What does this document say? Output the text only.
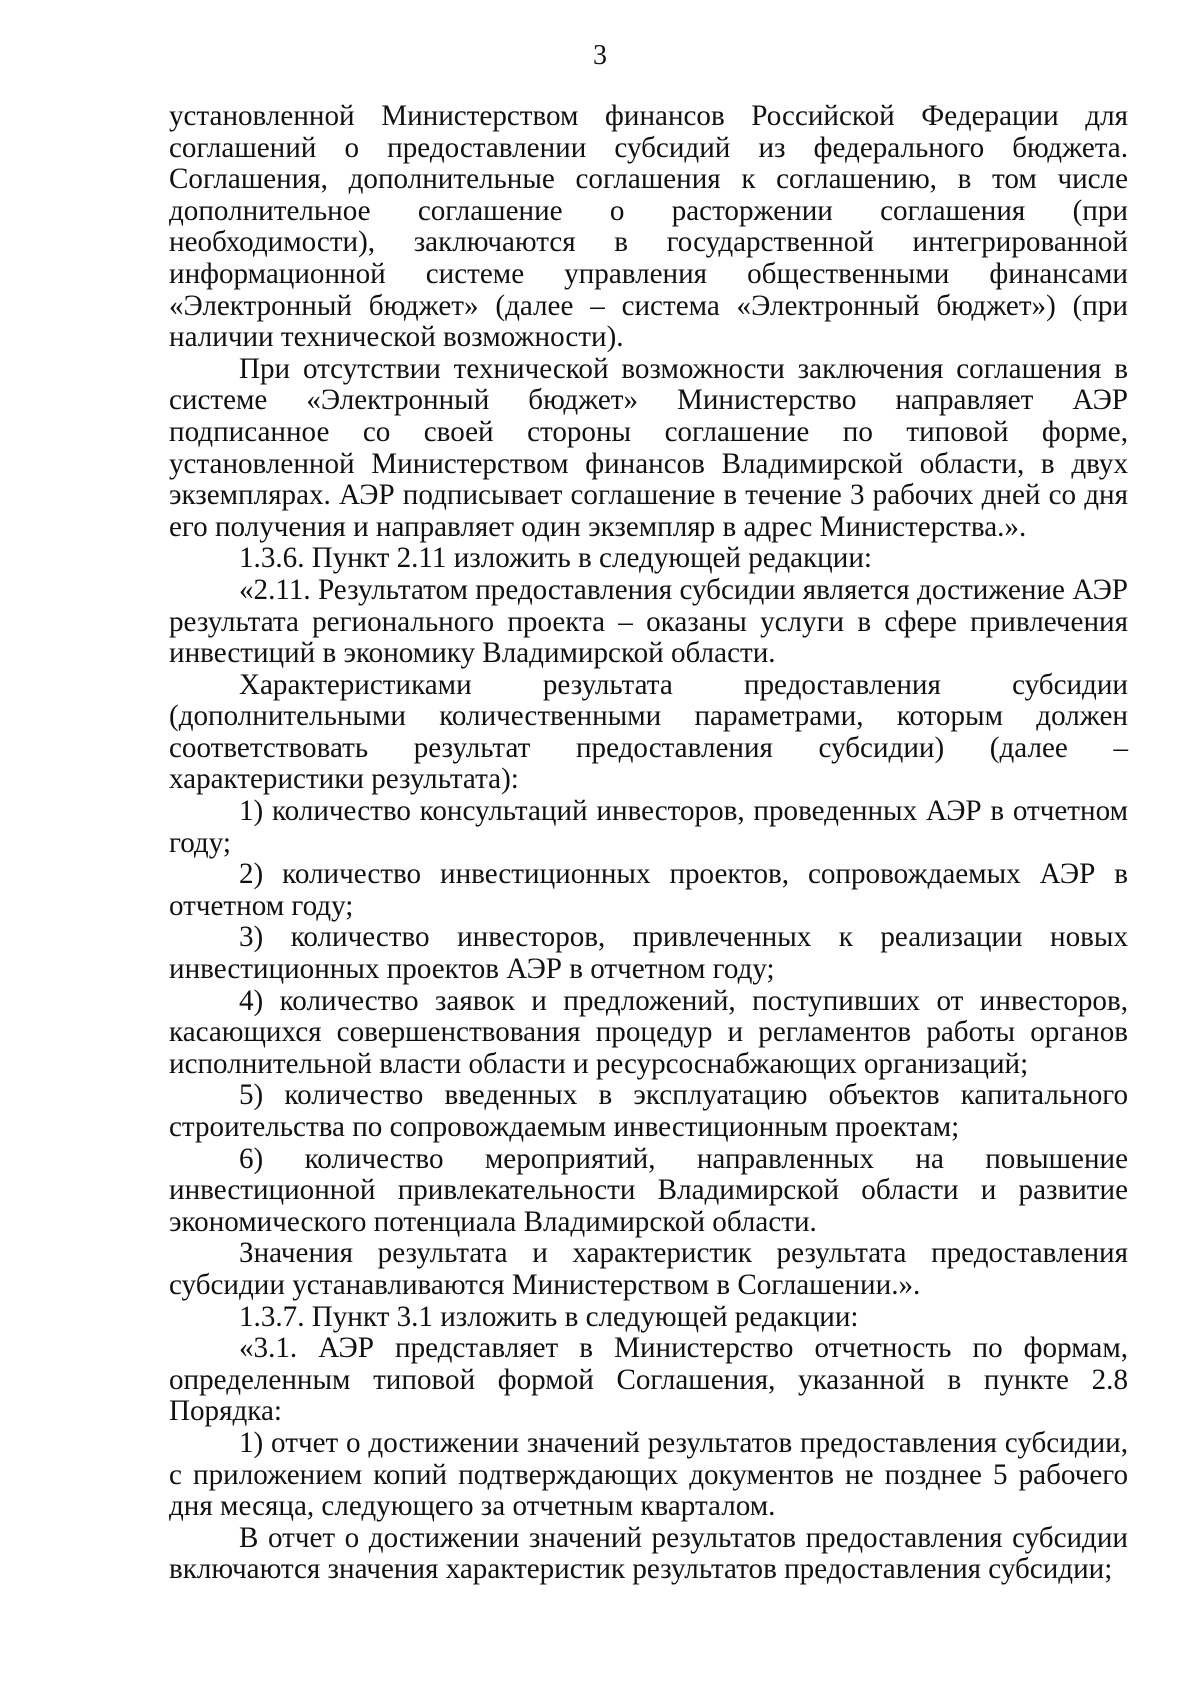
3

установленной Министерством финансов Российской Федерации для соглашений о предоставлении субсидий из федерального бюджета. Соглашения, дополнительные соглашения к соглашению, в том числе дополнительное соглашение о расторжении соглашения (при необходимости), заключаются в государственной интегрированной информационной системе управления общественными финансами «Электронный бюджет» (далее – система «Электронный бюджет») (при наличии технической возможности).

При отсутствии технической возможности заключения соглашения в системе «Электронный бюджет» Министерство направляет АЭР подписанное со своей стороны соглашение по типовой форме, установленной Министерством финансов Владимирской области, в двух экземплярах. АЭР подписывает соглашение в течение 3 рабочих дней со дня его получения и направляет один экземпляр в адрес Министерства.».

1.3.6. Пункт 2.11 изложить в следующей редакции:

«2.11. Результатом предоставления субсидии является достижение АЭР результата регионального проекта – оказаны услуги в сфере привлечения инвестиций в экономику Владимирской области.

Характеристиками результата предоставления субсидии (дополнительными количественными параметрами, которым должен соответствовать результат предоставления субсидии) (далее – характеристики результата):

1) количество консультаций инвесторов, проведенных АЭР в отчетном году;

2) количество инвестиционных проектов, сопровождаемых АЭР в отчетном году;

3) количество инвесторов, привлеченных к реализации новых инвестиционных проектов АЭР в отчетном году;

4) количество заявок и предложений, поступивших от инвесторов, касающихся совершенствования процедур и регламентов работы органов исполнительной власти области и ресурсоснабжающих организаций;

5) количество введенных в эксплуатацию объектов капитального строительства по сопровождаемым инвестиционным проектам;

6) количество мероприятий, направленных на повышение инвестиционной привлекательности Владимирской области и развитие экономического потенциала Владимирской области.

Значения результата и характеристик результата предоставления субсидии устанавливаются Министерством в Соглашении.».

1.3.7. Пункт 3.1 изложить в следующей редакции:

«3.1. АЭР представляет в Министерство отчетность по формам, определенным типовой формой Соглашения, указанной в пункте 2.8 Порядка:

1) отчет о достижении значений результатов предоставления субсидии, с приложением копий подтверждающих документов не позднее 5 рабочего дня месяца, следующего за отчетным кварталом.

В отчет о достижении значений результатов предоставления субсидии включаются значения характеристик результатов предоставления субсидии;
